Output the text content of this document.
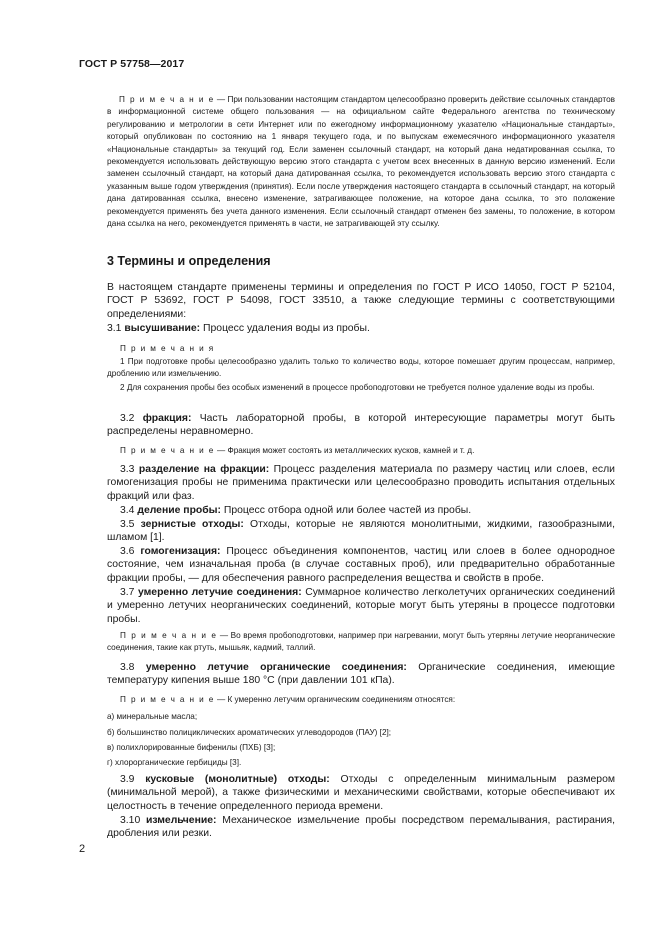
ГОСТ Р 57758—2017

П р и м е ч а н и е — При пользовании настоящим стандартом целесообразно проверить действие ссылочных стандартов в информационной системе общего пользования — на официальном сайте Федерального агентства по техническому регулированию и метрологии в сети Интернет или по ежегодному информационному указателю «Национальные стандарты», который опубликован по состоянию на 1 января текущего года, и по выпускам ежемесячного информационного указателя «Национальные стандарты» за текущий год. Если заменен ссылочный стандарт, на который дана недатированная ссылка, то рекомендуется использовать действующую версию этого стандарта с учетом всех внесенных в данную версию изменений. Если заменен ссылочный стандарт, на который дана датированная ссылка, то рекомендуется использовать версию этого стандарта с указанным выше годом утверждения (принятия). Если после утверждения настоящего стандарта в ссылочный стандарт, на который дана датированная ссылка, внесено изменение, затрагивающее положение, на которое дана ссылка, то это положение рекомендуется применять без учета данного изменения. Если ссылочный стандарт отменен без замены, то положение, в котором дана ссылка на него, рекомендуется применять в части, не затрагивающей эту ссылку.

3 Термины и определения

В настоящем стандарте применены термины и определения по ГОСТ Р ИСО 14050, ГОСТ Р 52104, ГОСТ Р 53692, ГОСТ Р 54098, ГОСТ 33510, а также следующие термины с соответствующими определениями:

3.1 высушивание: Процесс удаления воды из пробы.

П р и м е ч а н и я
1 При подготовке пробы целесообразно удалить только то количество воды, которое помешает другим процессам, например, дроблению или измельчению.
2 Для сохранения пробы без особых изменений в процессе пробоподготовки не требуется полное удаление воды из пробы.

3.2 фракция: Часть лабораторной пробы, в которой интересующие параметры могут быть распределены неравномерно.

П р и м е ч а н и е — Фракция может состоять из металлических кусков, камней и т. д.

3.3 разделение на фракции: Процесс разделения материала по размеру частиц или слоев, если гомогенизация пробы не применима практически или целесообразно проводить испытания отдельных фракций или фаз.

3.4 деление пробы: Процесс отбора одной или более частей из пробы.

3.5 зернистые отходы: Отходы, которые не являются монолитными, жидкими, газообразными, шламом [1].

3.6 гомогенизация: Процесс объединения компонентов, частиц или слоев в более однородное состояние, чем изначальная проба (в случае составных проб), или предварительно обработанные фракции пробы, — для обеспечения равного распределения вещества и свойств в пробе.

3.7 умеренно летучие соединения: Суммарное количество легколетучих органических соединений и умеренно летучих неорганических соединений, которые могут быть утеряны в процессе подготовки пробы.

П р и м е ч а н и е — Во время пробоподготовки, например при нагревании, могут быть утеряны летучие неорганические соединения, такие как ртуть, мышьяк, кадмий, таллий.

3.8 умеренно летучие органические соединения: Органические соединения, имеющие температуру кипения выше 180 °С (при давлении 101 кПа).

П р и м е ч а н и е — К умеренно летучим органическим соединениям относятся:

а) минеральные масла;
б) большинство полициклических ароматических углеводородов (ПАУ) [2];
в) полихлорированные бифенилы (ПХБ) [3];
г) хлорорганические гербициды [3].

3.9 кусковые (монолитные) отходы: Отходы с определенным минимальным размером (минимальной мерой), а также физическими и механическими свойствами, которые обеспечивают их целостность в течение определенного периода времени.

3.10 измельчение: Механическое измельчение пробы посредством перемалывания, растирания, дробления или резки.

2
